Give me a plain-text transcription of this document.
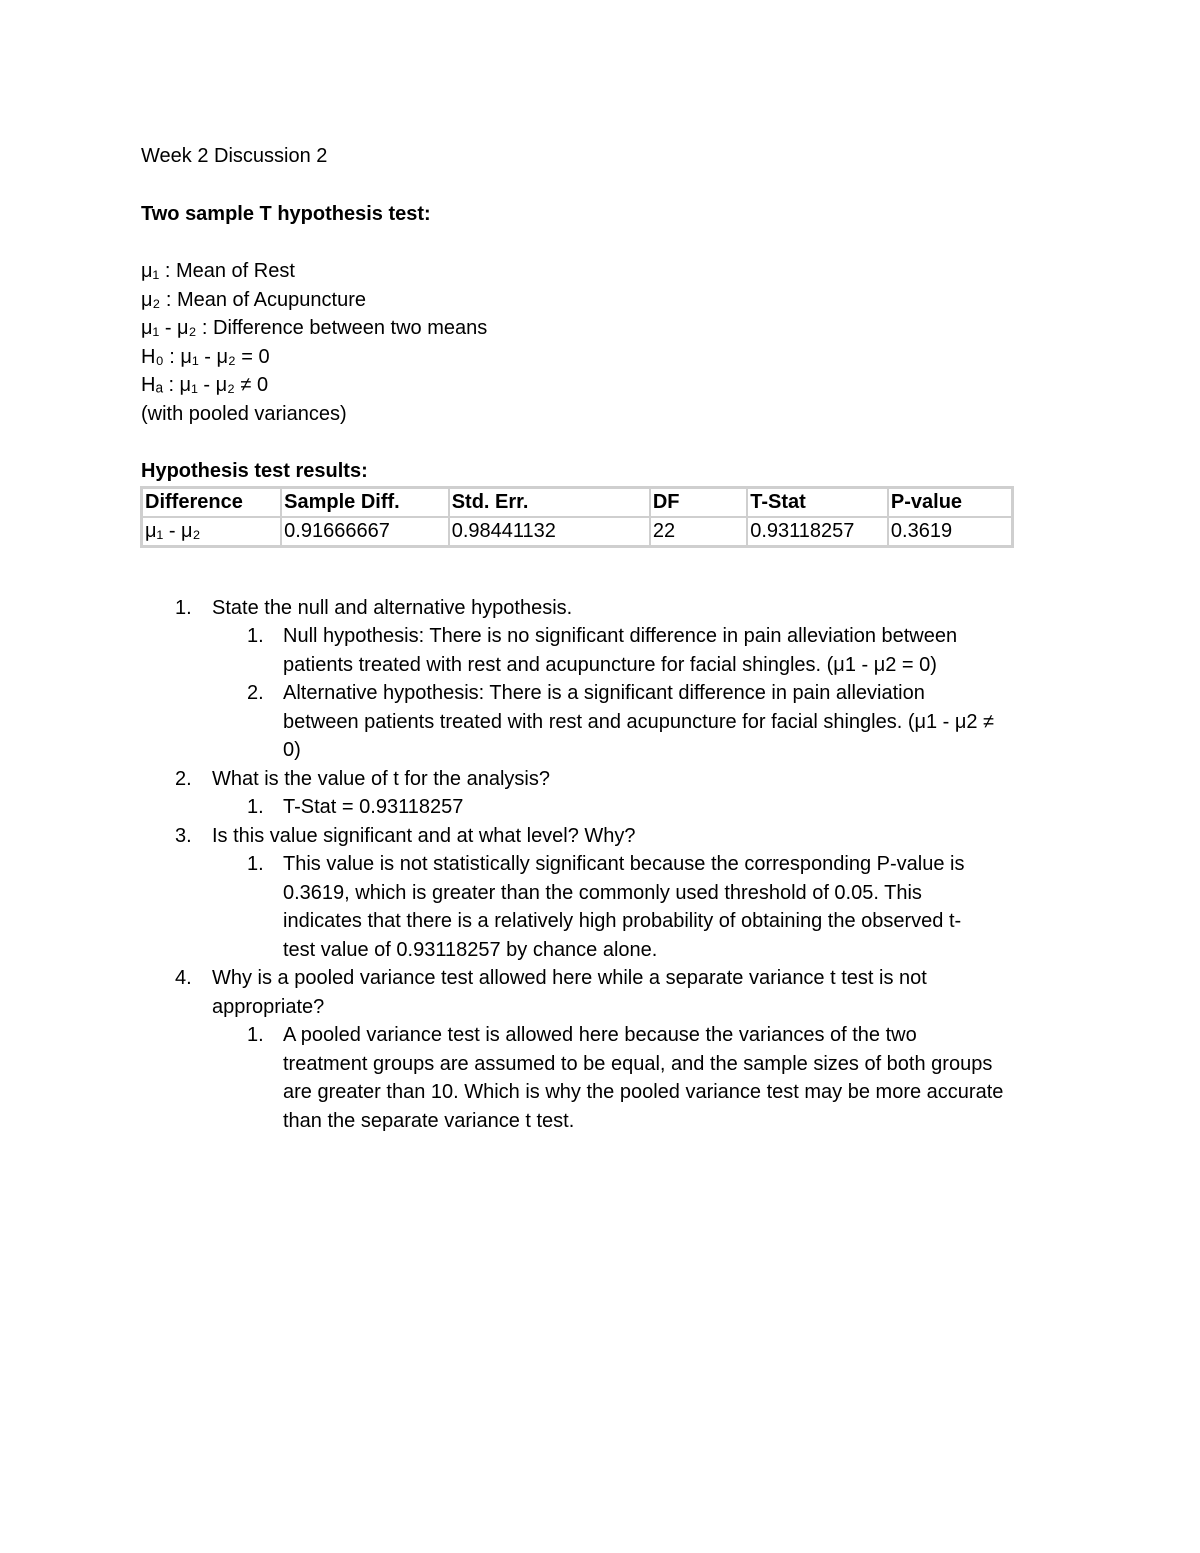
Week 2 Discussion 2
Two sample T hypothesis test:
μ₁ : Mean of Rest
μ₂ : Mean of Acupuncture
μ₁ - μ₂ : Difference between two means
H₀ : μ₁ - μ₂ = 0
Hₐ : μ₁ - μ₂ ≠ 0
(with pooled variances)
Hypothesis test results:
Difference	Sample Diff.	Std. Err.	DF	T-Stat	P-value
μ₁ - μ₂	0.91666667	0.98441132	22	0.93118257	0.3619
1. State the null and alternative hypothesis.
1. Null hypothesis: There is no significant difference in pain alleviation between
patients treated with rest and acupuncture for facial shingles. (μ1 - μ2 = 0)
2. Alternative hypothesis: There is a significant difference in pain alleviation
between patients treated with rest and acupuncture for facial shingles. (μ1 - μ2 ≠
0)
2. What is the value of t for the analysis?
1. T-Stat = 0.93118257
3. Is this value significant and at what level? Why?
1. This value is not statistically significant because the corresponding P-value is
0.3619, which is greater than the commonly used threshold of 0.05. This
indicates that there is a relatively high probability of obtaining the observed t-
test value of 0.93118257 by chance alone.
4. Why is a pooled variance test allowed here while a separate variance t test is not
appropriate?
1. A pooled variance test is allowed here because the variances of the two
treatment groups are assumed to be equal, and the sample sizes of both groups
are greater than 10. Which is why the pooled variance test may be more accurate
than the separate variance t test.
